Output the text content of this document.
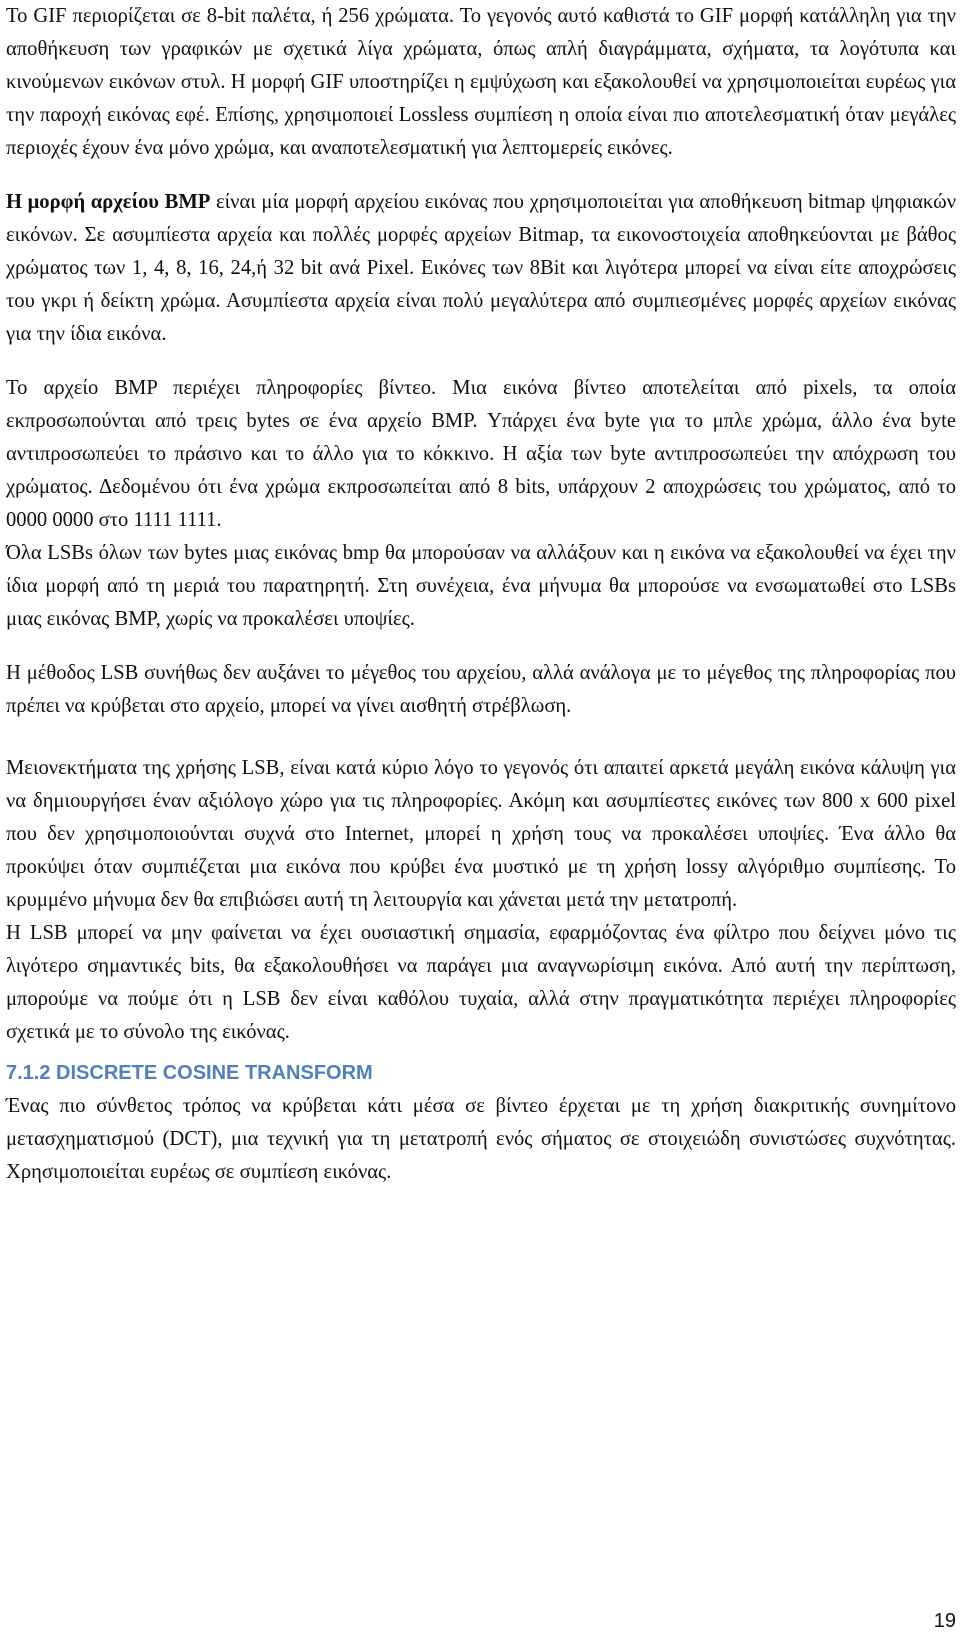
Το GIF περιορίζεται σε 8-bit παλέτα, ή 256 χρώματα. Το γεγονός αυτό καθιστά το GIF μορφή κατάλληλη για την αποθήκευση των γραφικών με σχετικά λίγα χρώματα, όπως απλή διαγράμματα, σχήματα, τα λογότυπα και κινούμενων εικόνων στυλ. Η μορφή GIF υποστηρίζει η εμψύχωση και εξακολουθεί να χρησιμοποιείται ευρέως για την παροχή εικόνας εφέ. Επίσης, χρησιμοποιεί Lossless συμπίεση η οποία είναι πιο αποτελεσματική όταν μεγάλες περιοχές έχουν ένα μόνο χρώμα, και αναποτελεσματική για λεπτομερείς εικόνες.

Η μορφή αρχείου BMP είναι μία μορφή αρχείου εικόνας που χρησιμοποιείται για αποθήκευση bitmap ψηφιακών εικόνων. Σε ασυμπίεστα αρχεία και πολλές μορφές αρχείων Bitmap, τα εικονοστοιχεία αποθηκεύονται με βάθος χρώματος των 1, 4, 8, 16, 24,ή 32 bit ανά Pixel. Εικόνες των 8Bit και λιγότερα μπορεί να είναι είτε αποχρώσεις του γκρι ή δείκτη χρώμα. Ασυμπίεστα αρχεία είναι πολύ μεγαλύτερα από συμπιεσμένες μορφές αρχείων εικόνας για την ίδια εικόνα.

Το αρχείο BMP περιέχει πληροφορίες βίντεο. Μια εικόνα βίντεο αποτελείται από pixels, τα οποία εκπροσωπούνται από τρεις bytes σε ένα αρχείο BMP. Υπάρχει ένα byte για το μπλε χρώμα, άλλο ένα byte αντιπροσωπεύει το πράσινο και το άλλο για το κόκκινο. Η αξία των byte αντιπροσωπεύει την απόχρωση του χρώματος. Δεδομένου ότι ένα χρώμα εκπροσωπείται από 8 bits, υπάρχουν 2 αποχρώσεις του χρώματος, από το 0000 0000 στο 1111 1111.

Όλα LSBs όλων των bytes μιας εικόνας bmp θα μπορούσαν να αλλάξουν και η εικόνα να εξακολουθεί να έχει την ίδια μορφή από τη μεριά του παρατηρητή. Στη συνέχεια, ένα μήνυμα θα μπορούσε να ενσωματωθεί στο LSBs μιας εικόνας BMP, χωρίς να προκαλέσει υποψίες.

Η μέθοδος LSB συνήθως δεν αυξάνει το μέγεθος του αρχείου, αλλά ανάλογα με το μέγεθος της πληροφορίας που πρέπει να κρύβεται στο αρχείο, μπορεί να γίνει αισθητή στρέβλωση.

Μειονεκτήματα της χρήσης LSB, είναι κατά κύριο λόγο το γεγονός ότι απαιτεί αρκετά μεγάλη εικόνα κάλυψη για να δημιουργήσει έναν αξιόλογο χώρο για τις πληροφορίες. Ακόμη και ασυμπίεστες εικόνες των 800 x 600 pixel που δεν χρησιμοποιούνται συχνά στο Internet, μπορεί η χρήση τους να προκαλέσει υποψίες. Ένα άλλο θα προκύψει όταν συμπιέζεται μια εικόνα που κρύβει ένα μυστικό με τη χρήση lossy αλγόριθμο συμπίεσης. Το κρυμμένο μήνυμα δεν θα επιβιώσει αυτή τη λειτουργία και χάνεται μετά την μετατροπή.

Η LSB μπορεί να μην φαίνεται να έχει ουσιαστική σημασία, εφαρμόζοντας ένα φίλτρο που δείχνει μόνο τις λιγότερο σημαντικές bits, θα εξακολουθήσει να παράγει μια αναγνωρίσιμη εικόνα. Από αυτή την περίπτωση, μπορούμε να πούμε ότι η LSB δεν είναι καθόλου τυχαία, αλλά στην πραγματικότητα περιέχει πληροφορίες σχετικά με το σύνολο της εικόνας.

7.1.2 DISCRETE COSINE TRANSFORM

Ένας πιο σύνθετος τρόπος να κρύβεται κάτι μέσα σε βίντεο έρχεται με τη χρήση διακριτικής συνημίτονο μετασχηματισμού (DCT), μια τεχνική για τη μετατροπή ενός σήματος σε στοιχειώδη συνιστώσες συχνότητας. Χρησιμοποιείται ευρέως σε συμπίεση εικόνας.

19
